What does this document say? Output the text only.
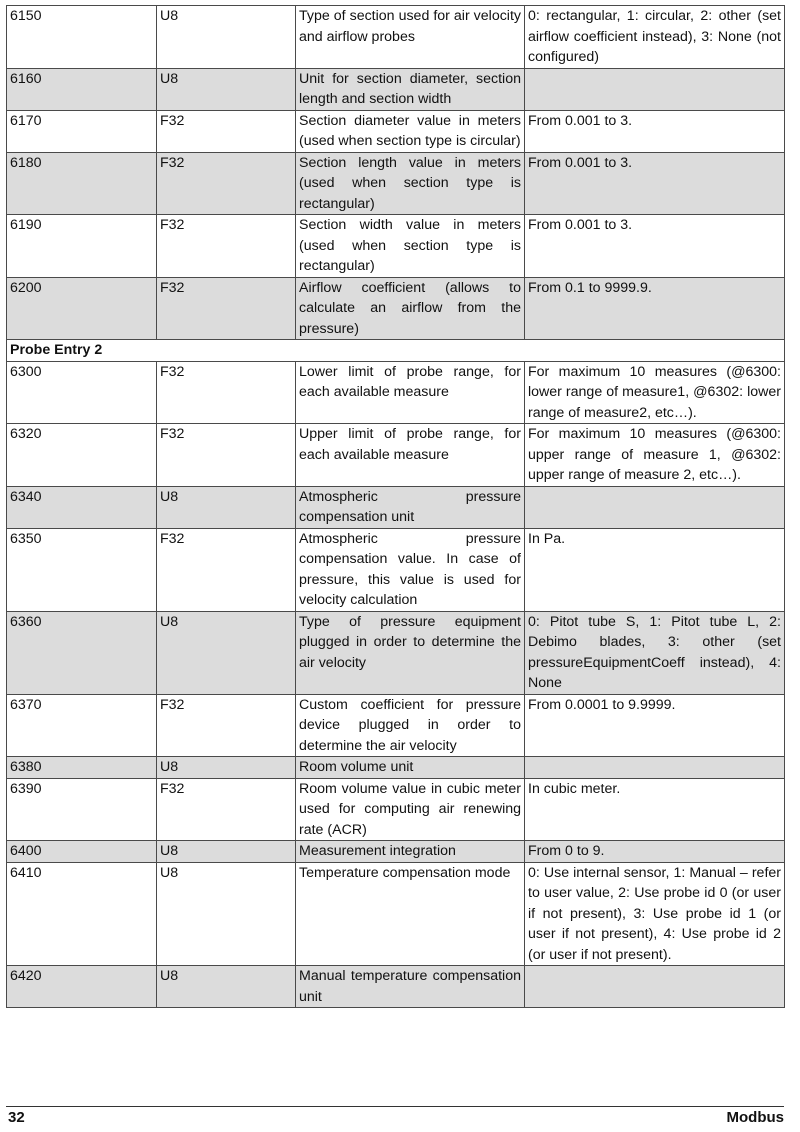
6150	U8	Type of section used for air velocity and airflow probes	0: rectangular, 1: circular, 2: other (set airflow coefficient instead), 3: None (not configured)
6160	U8	Unit for section diameter, section length and section width	
6170	F32	Section diameter value in meters (used when section type is circular)	From 0.001 to 3.
6180	F32	Section length value in meters (used when section type is rectangular)	From 0.001 to 3.
6190	F32	Section width value in meters (used when section type is rectangular)	From 0.001 to 3.
6200	F32	Airflow coefficient (allows to calculate an airflow from the pressure)	From 0.1 to 9999.9.
Probe Entry 2			
6300	F32	Lower limit of probe range, for each available measure	For maximum 10 measures (@6300: lower range of measure1, @6302: lower range of measure2, etc…).
6320	F32	Upper limit of probe range, for each available measure	For maximum 10 measures (@6300: upper range of measure 1, @6302: upper range of measure 2, etc…).
6340	U8	Atmospheric pressure compensation unit	
6350	F32	Atmospheric pressure compensation value. In case of pressure, this value is used for velocity calculation	In Pa.
6360	U8	Type of pressure equipment plugged in order to determine the air velocity	0: Pitot tube S, 1: Pitot tube L, 2: Debimo blades, 3: other (set pressureEquipmentCoeff instead), 4: None
6370	F32	Custom coefficient for pressure device plugged in order to determine the air velocity	From 0.0001 to 9.9999.
6380	U8	Room volume unit	
6390	F32	Room volume value in cubic meter used for computing air renewing rate (ACR)	In cubic meter.
6400	U8	Measurement integration	From 0 to 9.
6410	U8	Temperature compensation mode	0: Use internal sensor, 1: Manual – refer to user value, 2: Use probe id 0 (or user if not present), 3: Use probe id 1 (or user if not present), 4: Use probe id 2 (or user if not present).
6420	U8	Manual temperature compensation unit	
32	Modbus
